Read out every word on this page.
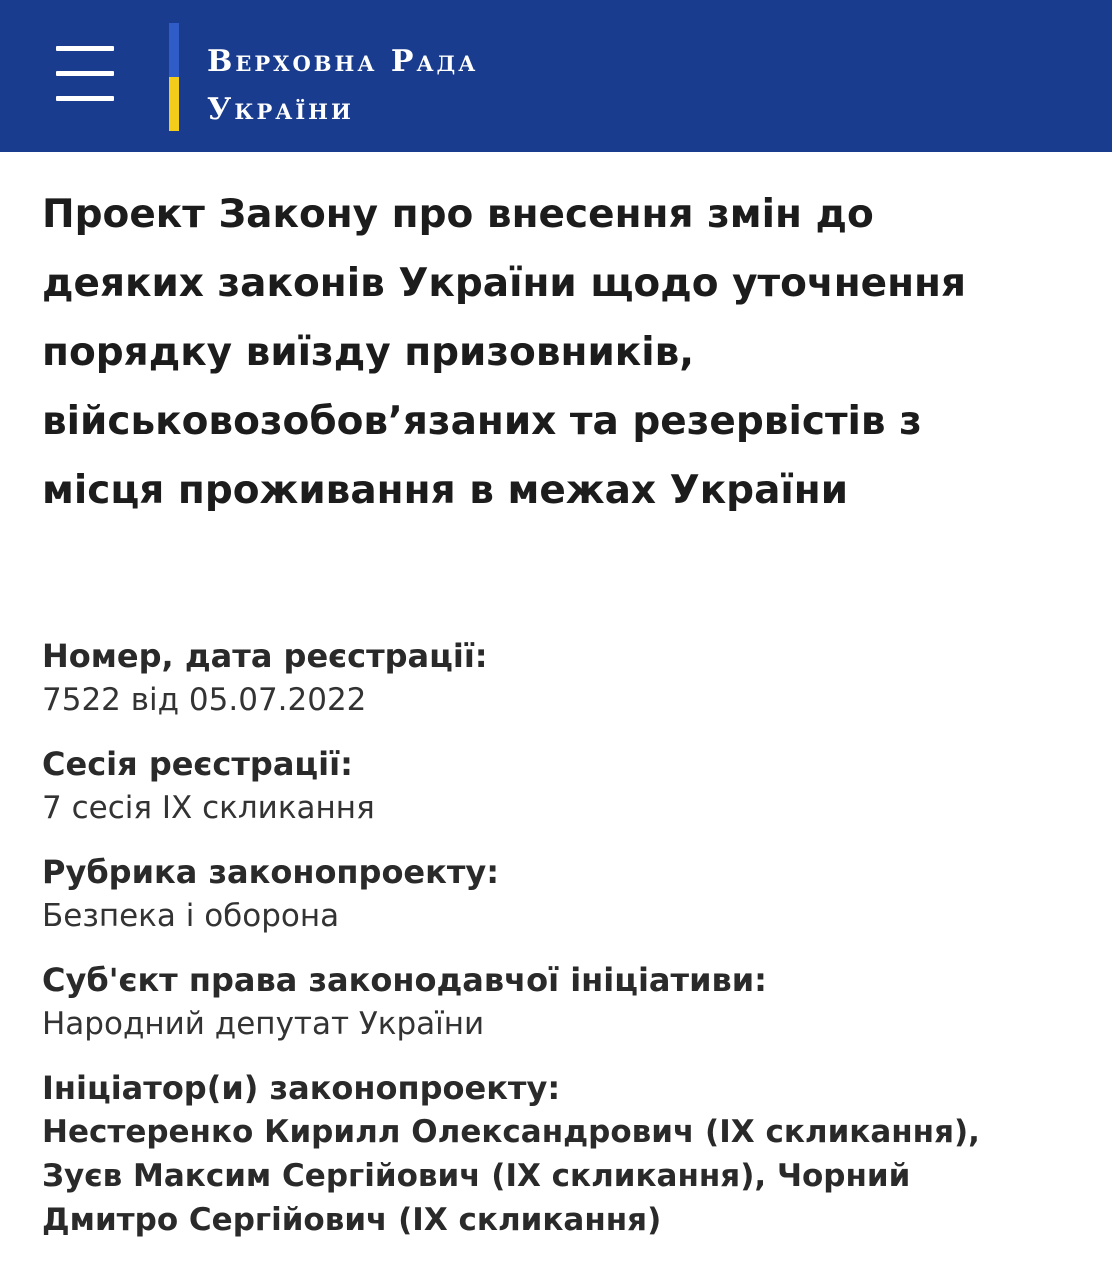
Верховна Рада
України
Проект Закону про внесення змін до
деяких законів України щодо уточнення
порядку виїзду призовників,
військовозобов’язаних та резервістів з
місця проживання в межах України
Номер, дата реєстрації:
7522 від 05.07.2022
Сесія реєстрації:
7 сесія IX скликання
Рубрика законопроекту:
Безпека і оборона
Суб'єкт права законодавчої ініціативи:
Народний депутат України
Ініціатор(и) законопроекту:
Нестеренко Кирилл Олександрович (IX скликання),
Зуєв Максим Сергійович (IX скликання), Чорний
Дмитро Сергійович (IX скликання)
